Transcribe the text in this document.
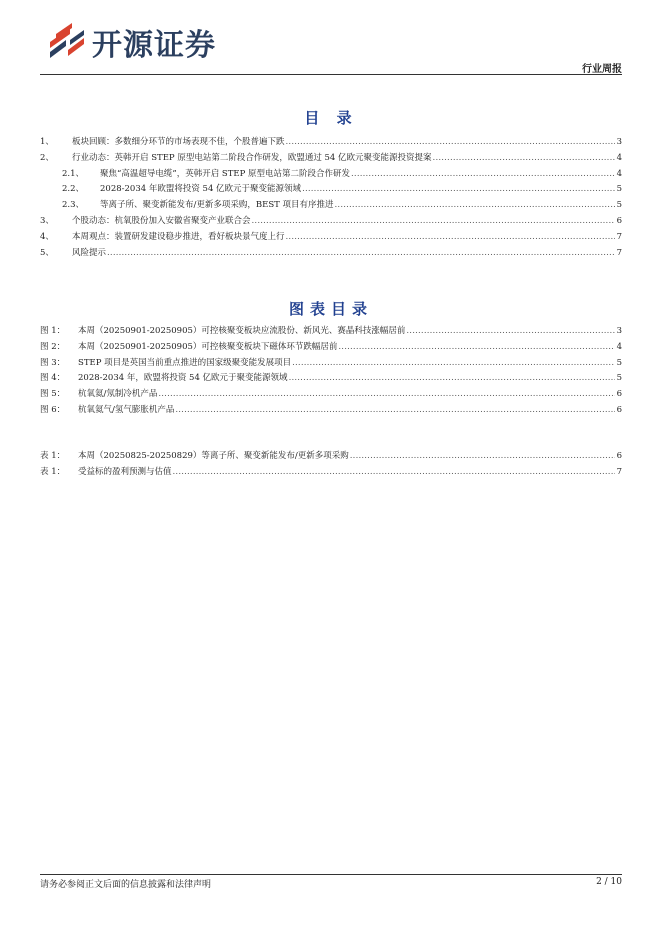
开源证券
行业周报
目 录
1、	板块回顾：多数细分环节的市场表现不佳，个股普遍下跌 .....	3
2、	行业动态：英韩开启 STEP 原型电站第二阶段合作研发，欧盟通过 54 亿欧元聚变能源投资提案 .....	4
2.1、	聚焦“高温超导电缆”，英韩开启 STEP 原型电站第二阶段合作研发 .....	4
2.2、	2028-2034 年欧盟将投资 54 亿欧元于聚变能源领域 .....	5
2.3、	等离子所、聚变新能发布/更新多项采购，BEST 项目有序推进 .....	5
3、	个股动态：杭氧股份加入安徽省聚变产业联合会 .....	6
4、	本周观点：装置研发建设稳步推进，看好板块景气度上行 .....	7
5、	风险提示 .....	7
图表目录
图 1：	本周（20250901-20250905）可控核聚变板块应流股份、新风光、赛晶科技涨幅居前 .....	3
图 2：	本周（20250901-20250905）可控核聚变板块下磁体环节跌幅居前 .....	4
图 3：	STEP 项目是英国当前重点推进的国家级聚变能发展项目 .....	5
图 4：	2028-2034 年，欧盟将投资 54 亿欧元于聚变能源领域 .....	5
图 5：	杭氧氦/氖制冷机产品 .....	6
图 6：	杭氧氦气/氢气膨胀机产品 .....	6
表 1：	本周（20250825-20250829）等离子所、聚变新能发布/更新多项采购 .....	6
表 1：	受益标的盈利预测与估值 .....	7
请务必参阅正文后面的信息披露和法律声明	2 / 10
